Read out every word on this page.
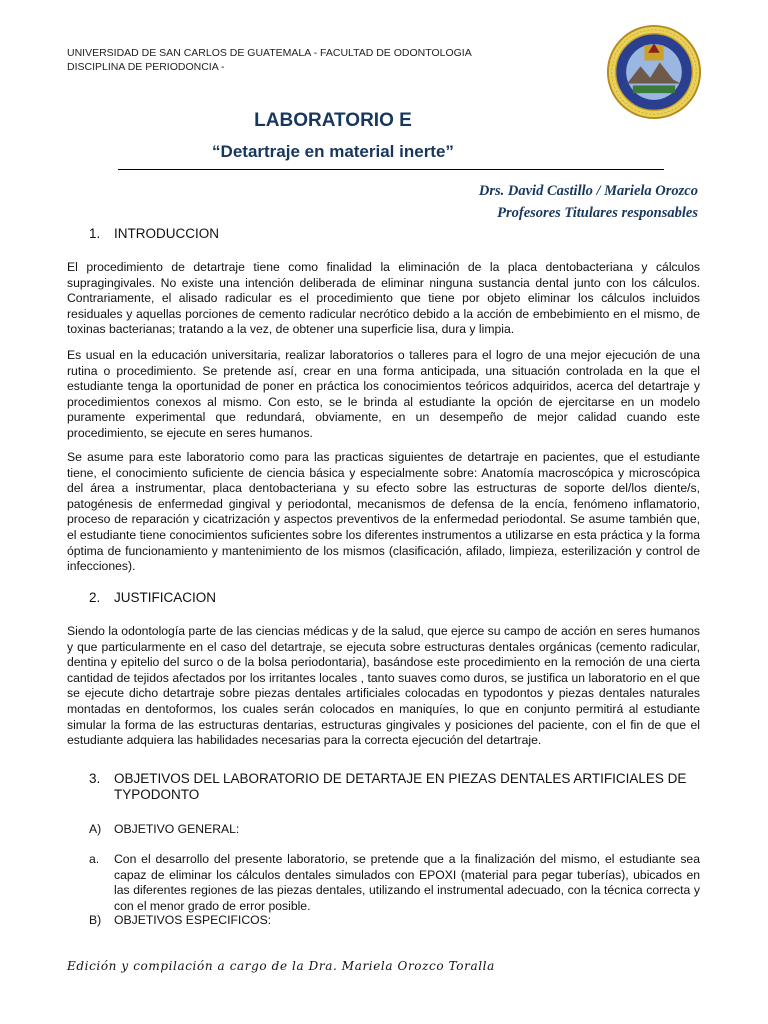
UNIVERSIDAD DE SAN CARLOS DE GUATEMALA - FACULTAD DE ODONTOLOGIA
DISCIPLINA DE PERIODONCIA -
LABORATORIO E
“Detartraje en material inerte”
Drs. David Castillo / Mariela Orozco
Profesores Titulares responsables
1.	INTRODUCCION
El procedimiento de detartraje tiene como finalidad la eliminación de la placa dentobacteriana y cálculos supragingivales. No existe una intención deliberada de eliminar ninguna sustancia dental junto con los cálculos. Contrariamente, el alisado radicular es el procedimiento que tiene por objeto eliminar los cálculos incluidos residuales y aquellas porciones de cemento radicular necrótico debido a la acción de embebimiento en el mismo, de toxinas bacterianas; tratando a la vez, de obtener una superficie lisa, dura y limpia.
Es usual en la educación universitaria, realizar laboratorios o talleres para el logro de una mejor ejecución de una rutina o procedimiento. Se pretende así, crear en una forma anticipada, una situación controlada en la que el estudiante tenga la oportunidad de poner en práctica los conocimientos teóricos adquiridos, acerca del detartraje y procedimientos conexos al mismo. Con esto, se le brinda al estudiante la opción de ejercitarse en un modelo puramente experimental que redundará, obviamente, en un desempeño de mejor calidad cuando este procedimiento, se ejecute en seres humanos.
Se asume para este laboratorio como para las practicas siguientes de detartraje en pacientes, que el estudiante tiene, el conocimiento suficiente de ciencia básica y especialmente sobre: Anatomía macroscópica y microscópica del área a instrumentar, placa dentobacteriana y su efecto sobre las estructuras de soporte del/los diente/s, patogénesis de enfermedad gingival y periodontal, mecanismos de defensa de la encía, fenómeno inflamatorio, proceso de reparación y cicatrización y aspectos preventivos de la enfermedad periodontal. Se asume también que, el estudiante tiene conocimientos suficientes sobre los diferentes instrumentos a utilizarse en esta práctica y la forma óptima de funcionamiento y mantenimiento de los mismos (clasificación, afilado, limpieza, esterilización y control de infecciones).
2.	JUSTIFICACION
Siendo la odontología parte de las ciencias médicas y de la salud, que ejerce su campo de acción en seres humanos y que particularmente en el caso del detartraje, se ejecuta sobre estructuras dentales orgánicas (cemento radicular, dentina y epitelio del surco o de la bolsa periodontaria), basándose este procedimiento en la remoción de una cierta cantidad de tejidos afectados por los irritantes locales , tanto suaves como duros, se justifica un laboratorio en el que se ejecute dicho detartraje sobre piezas dentales artificiales colocadas en typodontos y piezas dentales naturales montadas en dentoformos, los cuales serán colocados en maniquíes, lo que en conjunto permitirá al estudiante simular la forma de las estructuras dentarias, estructuras gingivales y posiciones del paciente, con el fin de que el estudiante adquiera las habilidades necesarias para la correcta ejecución del detartraje.
3.	OBJETIVOS DEL LABORATORIO DE DETARTAJE EN PIEZAS DENTALES ARTIFICIALES DE TYPODONTO
A)	OBJETIVO GENERAL:
a.	Con el desarrollo del presente laboratorio, se pretende que a la finalización del mismo, el estudiante sea capaz de eliminar los cálculos dentales simulados con EPOXI (material para pegar tuberías), ubicados en las diferentes regiones de las piezas dentales, utilizando el instrumental adecuado, con la técnica correcta y con el menor grado de error posible.
B)	OBJETIVOS ESPECIFICOS:
Edición y compilación a cargo de la Dra. Mariela Orozco Toralla
